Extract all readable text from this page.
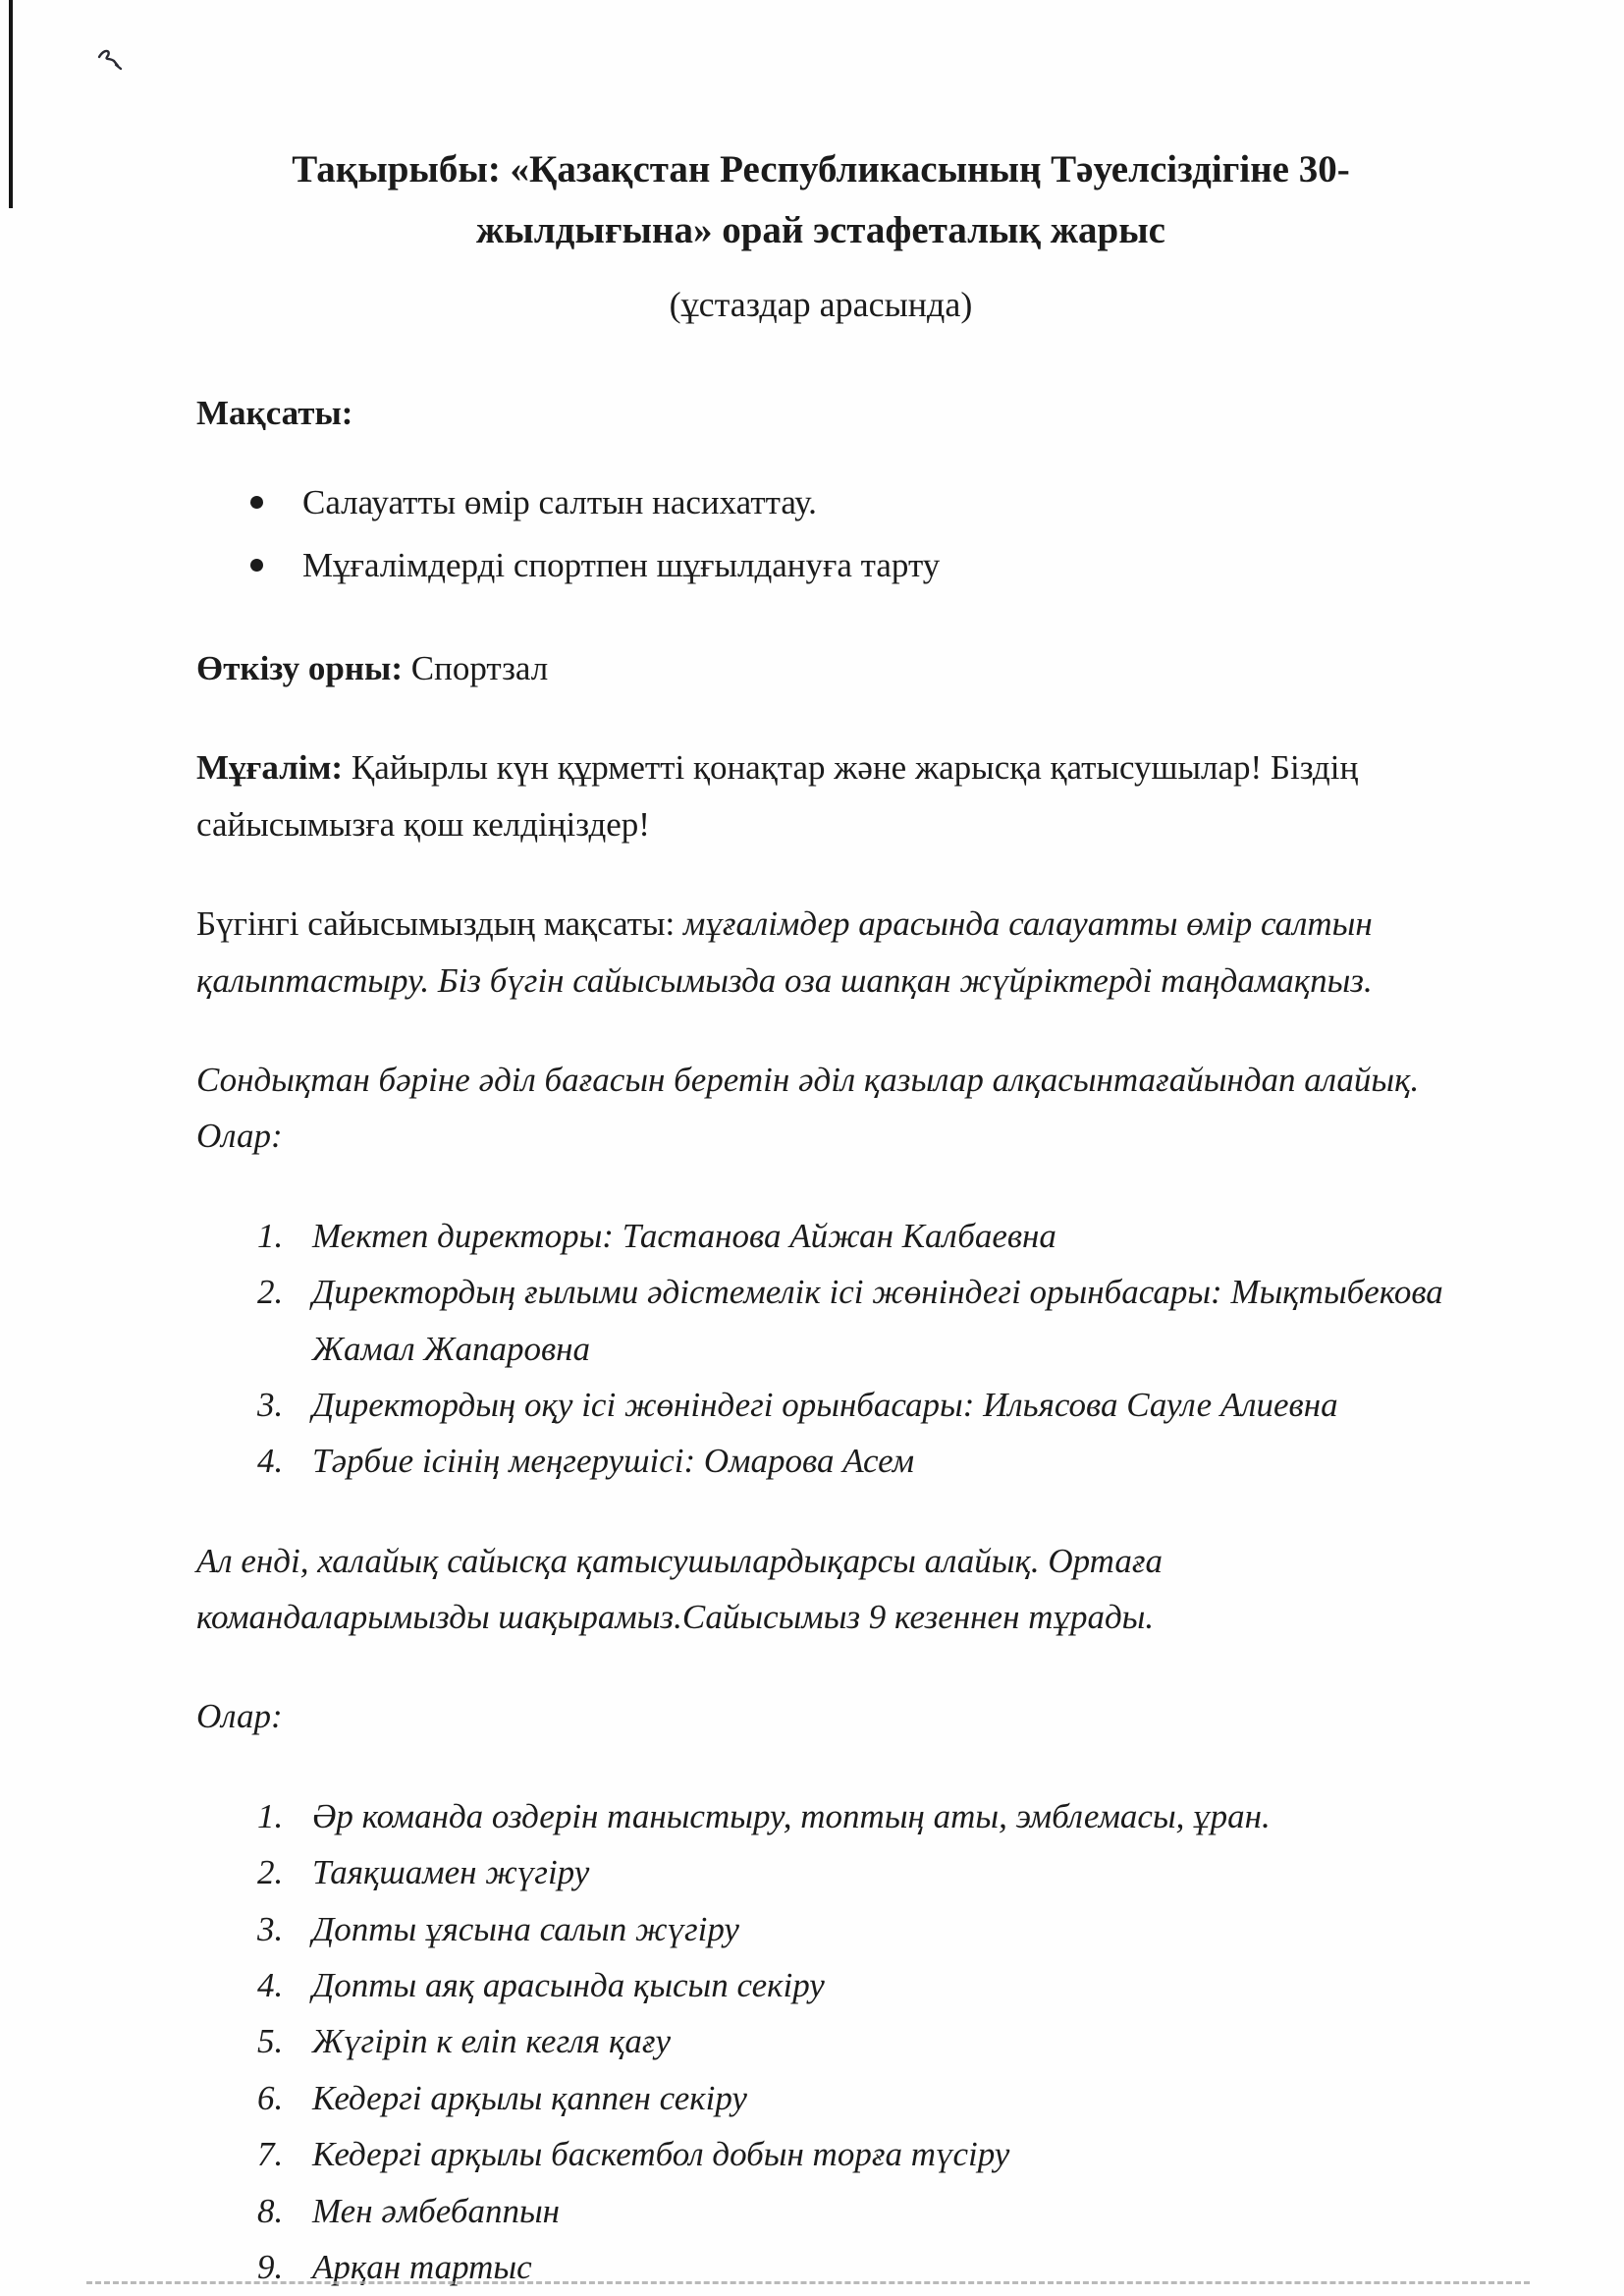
Тақырыбы: «Қазақстан Республикасының Тәуелсіздігіне 30-
жылдығына» орай эстафеталық жарыс
(ұстаздар арасында)
Мақсаты:
Салауатты өмір салтын насихаттау.
Мұғалімдерді спортпен шұғылдануға тарту

Өткізу орны: Спортзал

Мұғалім: Қайырлы күн құрметті қонақтар және жарысқа қатысушылар! Біздің сайысымызға қош келдіңіздер!

Бүгінгі сайысымыздың мақсаты: мұғалімдер арасында салауатты өмір салтын қалыптастыру. Біз бүгін сайысымызда оза шапқан жүйріктерді таңдамақпыз.

Сондықтан бәріне әділ бағасын беретін әділ қазылар алқасынтағайындап алайық. Олар:

1. Мектеп директоры: Тастанова Айжан Калбаевна
2. Директордың ғылыми әдістемелік ісі жөніндегі орынбасары: Мықтыбекова Жамал Жапаровна
3. Директордың оқу ісі жөніндегі орынбасары: Ильясова Сауле Алиевна
4. Тәрбие ісінің меңгерушісі: Омарова Асем

Ал енді, халайық сайысқа қатысушылардықарсы алайық. Ортаға командаларымызды шақырамыз.Сайысымыз 9 кезеннен тұрады.

Олар:

1. Әр команда оздерін таныстыру, топтың аты, эмблемасы, ұран.
2. Таяқшамен жүгіру
3. Допты ұясына салып жүгіру
4. Допты аяқ арасында қысып секіру
5. Жүгіріп к еліп кегля қағу
6. Кедергі арқылы қаппен секіру
7. Кедергі арқылы баскетбол добын торға түсіру
8. Мен әмбебаппын
9. Арқан тартыс
